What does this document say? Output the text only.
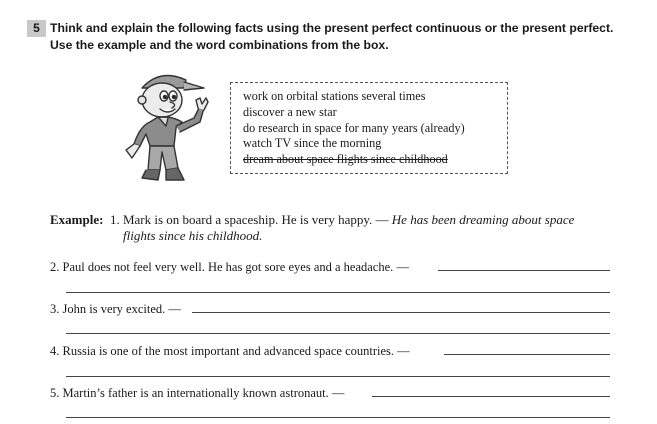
5 Think and explain the following facts using the present perfect continuous or the present perfect.
Use the example and the word combinations from the box.
work on orbital stations several times
discover a new star
do research in space for many years (already)
watch TV since the morning
dream about space flights since childhood
Example: 1. Mark is on board a spaceship. He is very happy. — He has been dreaming about space
flights since his childhood.
2. Paul does not feel very well. He has got sore eyes and a headache. —
3. John is very excited. —
4. Russia is one of the most important and advanced space countries. —
5. Martin’s father is an internationally known astronaut. —
